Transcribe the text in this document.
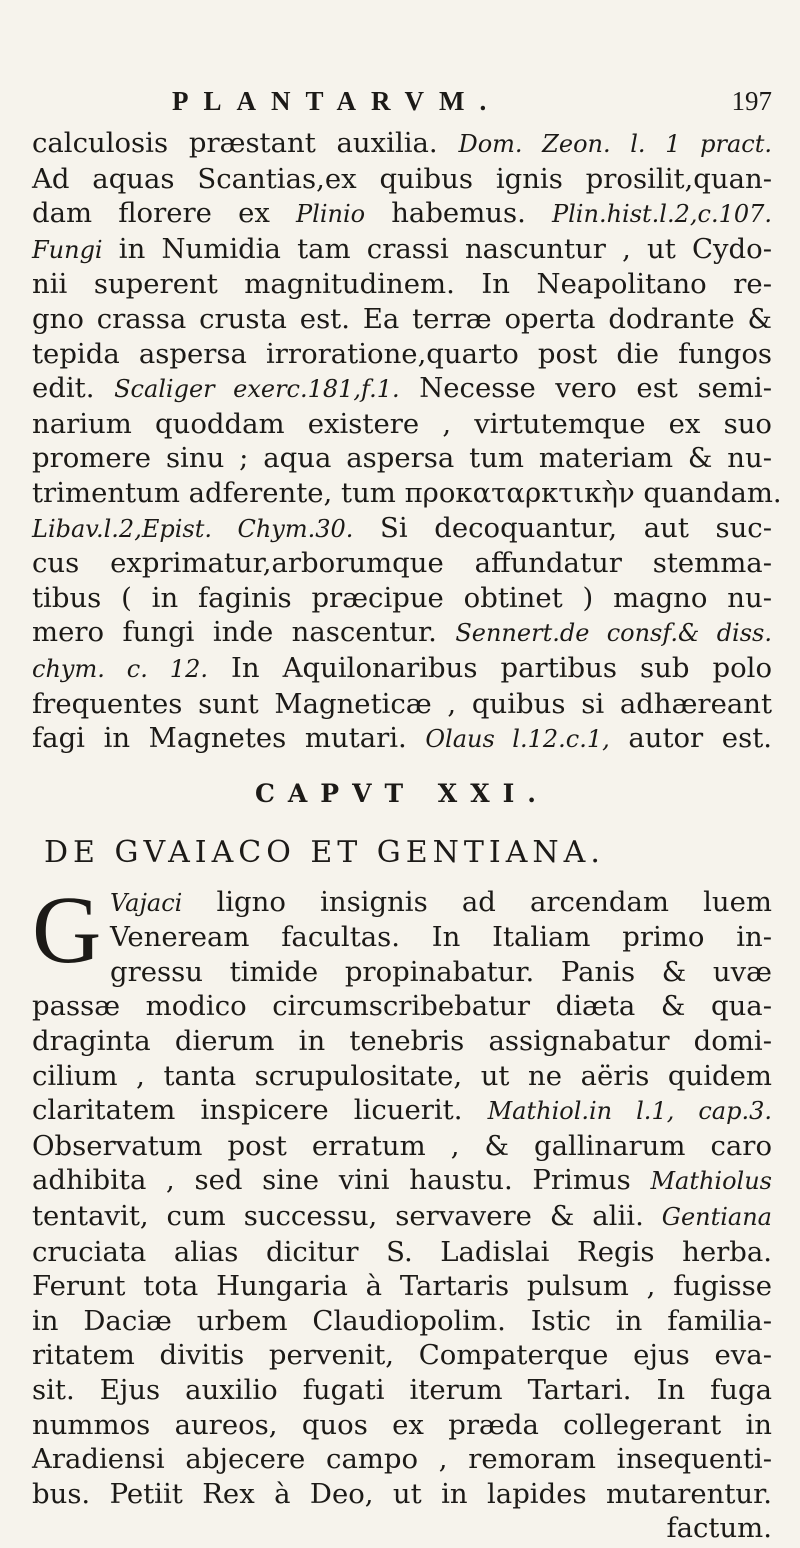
PLANTARVM.	197
calculosis præstant auxilia. Dom. Zeon. l. 1 pract.
Ad aquas Scantias,ex quibus ignis prosilit,quan-
dam florere ex Plinio habemus. Plin.hist.l.2,c.107.
Fungi in Numidia tam crassi nascuntur , ut Cydo-
nii superent magnitudinem. In Neapolitano re-
gno crassa crusta est. Ea terræ operta dodrante &
tepida aspersa irroratione,quarto post die fungos
edit. Scaliger exerc.181,f.1. Necesse vero est semi-
narium quoddam existere , virtutemque ex suo
promere sinu ; aqua aspersa tum materiam & nu-
trimentum adferente, tum προκαταρκτικὴν quandam.
Libav.l.2,Epist. Chym.30. Si decoquantur, aut suc-
cus exprimatur,arborumque affundatur stemma-
tibus ( in faginis præcipue obtinet ) magno nu-
mero fungi inde nascentur. Sennert.de consf.& diss.
chym. c. 12. In Aquilonaribus partibus sub polo
frequentes sunt Magneticæ , quibus si adhæreant
fagi in Magnetes mutari. Olaus l.12.c.1, autor est.
CAPVT XXI.
DE GVAIACO ET GENTIANA.
G Vajaci ligno insignis ad arcendam luem
Veneream facultas. In Italiam primo in-
gressu timide propinabatur. Panis & uvæ
passæ modico circumscribebatur diæta & qua-
draginta dierum in tenebris assignabatur domi-
cilium , tanta scrupulositate, ut ne aëris quidem
claritatem inspicere licuerit. Mathiol.in l.1, cap.3.
Observatum post erratum , & gallinarum caro
adhibita , sed sine vini haustu. Primus Mathiolus
tentavit, cum successu, servavere & alii. Gentiana
cruciata alias dicitur S. Ladislai Regis herba.
Ferunt tota Hungaria à Tartaris pulsum , fugisse
in Daciæ urbem Claudiopolim. Istic in familia-
ritatem divitis pervenit, Compaterque ejus eva-
sit. Ejus auxilio fugati iterum Tartari. In fuga
nummos aureos, quos ex præda collegerant in
Aradiensi abjecere campo , remoram insequenti-
bus. Petiit Rex à Deo, ut in lapides mutarentur.
factum.
